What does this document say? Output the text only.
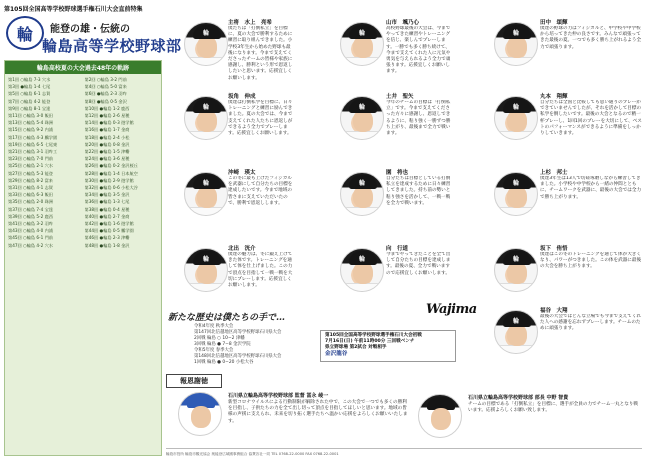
第105回全国高等学校野球選手権石川大会直前特集
輪	能登の雄・伝統の
輪島高等学校野球部
輪島高校夏の大会過去48年の軌跡
第1回 ○輪島 7-3 穴水	第2回 ○輪島 3-2 門前
第3回 ●輪島 1-4 七尾	第4回 ○輪島 5-0 富来
第5回 ○輪島 6-1 志賀	第6回 ●輪島 2-3 羽咋
第7回 ○輪島 4-2 能登	第8回 ●輪島 0-5 金沢
第9回 ○輪島 8-1 宝達	第10回 ●輪島 1-2 鹿西
第11回 ○輪島 3-0 飯田	第12回 ●輪島 2-6 星稜
第13回 ○輪島 5-4 珠洲	第14回 ●輪島 0-3 遊学館
第15回 ○輪島 9-2 内浦	第16回 ●輪島 1-7 金商
第17回 ○輪島 4-3 鵬学園	第18回 ●輪島 2-4 小松
第19回 ○輪島 6-5 七尾東	第20回 ●輪島 0-8 金沢
第21回 ○輪島 3-1 羽咋工	第22回 ●輪島 1-5 津幡
第23回 ○輪島 7-0 門前	第24回 ●輪島 3-6 星稜
第25回 ○輪島 2-1 穴水	第26回 ●輪島 0-2 金沢桜丘
第27回 ○輪島 5-3 能登	第28回 ●輪島 1-4 日本航空
第29回 ○輪島 8-2 富来	第30回 ●輪島 2-9 遊学館
第31回 ○輪島 4-1 志賀	第32回 ●輪島 0-6 小松大谷
第33回 ○輪島 6-3 飯田	第34回 ●輪島 3-5 金沢
第35回 ○輪島 2-0 珠洲	第36回 ●輪島 1-3 七尾
第37回 ○輪島 7-4 宝達	第38回 ●輪島 0-4 星稜
第39回 ○輪島 5-2 鹿西	第40回 ●輪島 2-7 金商
第41回 ○輪島 3-2 羽咋	第42回 ●輪島 1-6 遊学館
第43回 ○輪島 4-0 内浦	第44回 ●輪島 0-5 鵬学園
第45回 ○輪島 6-1 門前	第46回 ●輪島 2-3 津幡
第47回 ○輪島 4-2 穴水	第48回 ●輪島 1-8 金沢
輪
主将　水上　亮希
僕たちは「打倒私立」を目標に、夏の大会で勝利するために練習に取り組んできました。小学校3年生から始めた野球も最後になります。今まで支えてくださったチームの皆様や家族に感謝し、勝利という形で恩返ししたいと思います。応援宜しくお願いします。
輪
山市　颯乃心
高校野球最後の大会は、今までやってきた練習やトレーニングを信じ、楽しんでプレーします。一勝でも多く勝ち続けて、今まで支えてくれた人に元気や勇気を与えられるよう全力で頑張ります。応援宜しくお願いします。
輪
田中　頌輝
僕達の野球の力はフィジカルと、中学校や中学校から培ってきた仲の良さです。みんなで頑張ってきた最後の夏。一つでも多く勝ち上がれるよう全力で頑張ります。
輪
坂角　伸成
僕達は打倒私学を目標に、日々トレーニングと練習に励んできました。夏の大会では、今まで支えてくれた人たちに恩返しができるよう全力でプレーします。応援宜しくお願いします。
輪
土井　聖矢
今年のチームの目標は「打倒私立」です。今まで支えてくださった方々に感謝し、恩返しできるように、粘り強く一勝ずつ勝ち上がり、最後まで全力で戦います。
輪
丸本　翔輝
自分たちは全国と比較しても思い通りのプレーができていませんでしたが、それを活かして目標の私学を倒したいです。最後の大会となるので精一杯プレーし、1回1回のプレーを大切にして、ベストのパフォーマンスができるように準備をしっかりしていきます。
輪
沖崎　瑛太
この冬に最も上げたフィジカルを武器にして自分たちの目標を達成したいです。今まで地域の皆さまに支えていただいたので、勝利で恩返しします。
輪
園　将也
自分たちは目標としている打倒私立を達成するために日々練習してきました。持ち前の勢いと粘り強さを活かして、一戦一戦を全力で戦います。
輪
上杉　邦士
僕達3年生は13人で切磋琢磨しながら練習してきました。小学校や中学校から一緒の仲間とともに、チームワークを武器に、最後の大会では全力で勝ち上がります。
輪
北出　洸介
僕達の魅力は、冬に鍛え上げてきた体です。トレーニングを通して体を仕上げました。この力で頂点を目指して一戦一戦を大切にプレーします。応援宜しくお願いします。
輪
向　行道
今までやってきたことを全て出して自分たちの目標を達成します。最後の夏、全力で戦いますので応援宜しくお願いします。
輪
坂下　侑悟
僕達はこの冬のトレーニングを通じて体が大きくなり、パワーがつきました。この体を武器に最後の大会を勝ち上がります。
輪
福谷　大翔
最後の大会ではどんな立場でも今まで支えてくれた人への感謝を忘れずプレーします。チームのために頑張ります。
新たな歴史は僕たちの手で…
令和4年度 秋季大会
第147回北信越地区高等学校野球石川県大会
2回戦 輪島 ○ 10−2 津幡
3回戦 輪島 ● 7−8 金沢学院
令和5年度 春季大会
第148回北信越地区高等学校野球石川県大会
1回戦 輪島 ● 0−20 小松大谷
第105回全国高等学校野球選手権石川大会初戦
7月16日(日) 午前11時00分 三回戦ベンチ
県立野球場 第2試合 対戦相手
金沢龍谷
Wajima
報恩謝徳
石川県立輪島高等学校野球部 監督 冨永 崚一
新型コロナウイルスによる行動制限が解除された中で、この大会で一つでも多くの勝利を目指し、子供たちの力を全て出し切って頂点を目指してほしいと思います。地域の皆様の声援に支えられ、未来を切り拓く選手たちへ温かい応援をよろしくお願いいたします。
石川県立輪島高等学校野球部 部長 中野 智貴
チームの目標である「打倒私立」を目標に、選手が全員の力でチーム一丸となり戦います。応援よろしくお願い致します。
輪島市役所 輪島市観光協会 奥能登広域圏事務組合 協賛各社一同 TEL 0768-22-0000 FAX 0768-22-0001
